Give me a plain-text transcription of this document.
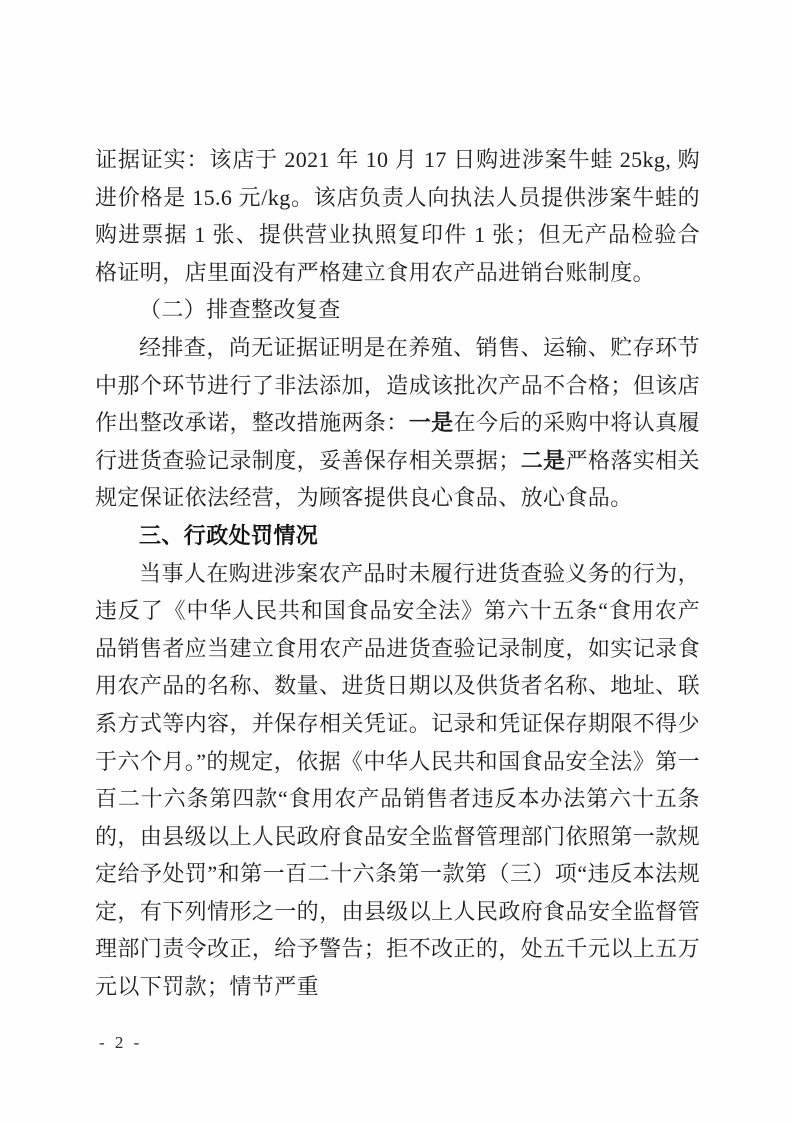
证据证实：该店于 2021 年 10 月 17 日购进涉案牛蛙 25kg, 购进价格是 15.6 元/kg。该店负责人向执法人员提供涉案牛蛙的购进票据 1 张、提供营业执照复印件 1 张；但无产品检验合格证明，店里面没有严格建立食用农产品进销台账制度。

（二）排查整改复查

经排查，尚无证据证明是在养殖、销售、运输、贮存环节中那个环节进行了非法添加，造成该批次产品不合格；但该店作出整改承诺，整改措施两条：一是在今后的采购中将认真履行进货查验记录制度，妥善保存相关票据；二是严格落实相关规定保证依法经营，为顾客提供良心食品、放心食品。

三、行政处罚情况

当事人在购进涉案农产品时未履行进货查验义务的行为，违反了《中华人民共和国食品安全法》第六十五条“食用农产品销售者应当建立食用农产品进货查验记录制度，如实记录食用农产品的名称、数量、进货日期以及供货者名称、地址、联系方式等内容，并保存相关凭证。记录和凭证保存期限不得少于六个月。”的规定，依据《中华人民共和国食品安全法》第一百二十六条第四款“食用农产品销售者违反本办法第六十五条的，由县级以上人民政府食品安全监督管理部门依照第一款规定给予处罚”和第一百二十六条第一款第（三）项“违反本法规定，有下列情形之一的，由县级以上人民政府食品安全监督管理部门责令改正，给予警告；拒不改正的，处五千元以上五万元以下罚款；情节严重

- 2 -
